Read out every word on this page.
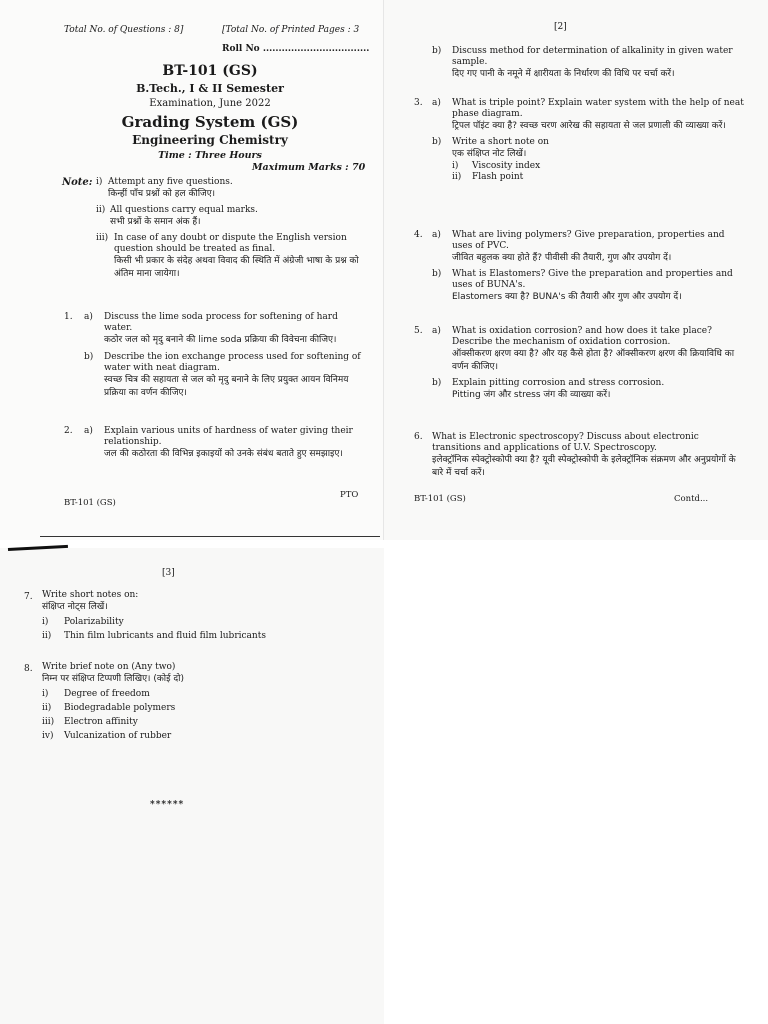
Total No. of Questions : 8]	[Total No. of Printed Pages : 3
Roll No ..................................
BT-101 (GS)
B.Tech., I & II Semester
Examination, June 2022
Grading System (GS)
Engineering Chemistry
Time : Three Hours
Maximum Marks : 70
Note: i) Attempt any five questions.
किन्हीं पाँच प्रश्नों को हल कीजिए।
ii) All questions carry equal marks.
सभी प्रश्नों के समान अंक हैं।
iii) In case of any doubt or dispute the English version question should be treated as final.
किसी भी प्रकार के संदेह अथवा विवाद की स्थिति में अंग्रेजी भाषा के प्रश्न को अंतिम माना जायेगा।
1. a) Discuss the lime soda process for softening of hard water.
कठोर जल को मृदु बनाने की lime soda प्रक्रिया की विवेचना कीजिए।
b) Describe the ion exchange process used for softening of water with neat diagram.
स्वच्छ चित्र की सहायता से जल को मृदु बनाने के लिए प्रयुक्त आयन विनिमय प्रक्रिया का वर्णन कीजिए।
2. a) Explain various units of hardness of water giving their relationship.
जल की कठोरता की विभिन्न इकाइयों को उनके संबंध बताते हुए समझाइए।
BT-101 (GS)
PTO
[2]
b) Discuss method for determination of alkalinity in given water sample.
दिए गए पानी के नमूने में क्षारीयता के निर्धारण की विधि पर चर्चा करें।
3. a) What is triple point? Explain water system with the help of neat phase diagram.
ट्रिपल पॉइंट क्या है? स्वच्छ चरण आरेख की सहायता से जल प्रणाली की व्याख्या करें।
b) Write a short note on
एक संक्षिप्त नोट लिखें।
i)	Viscosity index
ii)	Flash point
4. a) What are living polymers? Give preparation, properties and uses of PVC.
जीवित बहुलक क्या होते हैं? पीवीसी की तैयारी, गुण और उपयोग दें।
b) What is Elastomers? Give the preparation and properties and uses of BUNA's.
Elastomers क्या है? BUNA's की तैयारी और गुण और उपयोग दें।
5. a) What is oxidation corrosion? and how does it take place? Describe the mechanism of oxidation corrosion.
ऑक्सीकरण क्षरण क्या है? और यह कैसे होता है? ऑक्सीकरण क्षरण की क्रियाविधि का वर्णन कीजिए।
b) Explain pitting corrosion and stress corrosion.
Pitting जंग और stress जंग की व्याख्या करें।
6. What is Electronic spectroscopy? Discuss about electronic transitions and applications of U.V. Spectroscopy.
इलेक्ट्रॉनिक स्पेक्ट्रोस्कोपी क्या है? यूवी स्पेक्ट्रोस्कोपी के इलेक्ट्रॉनिक संक्रमण और अनुप्रयोगों के बारे में चर्चा करें।
BT-101 (GS)	Contd...
[3]
7. Write short notes on:
संक्षिप्त नोट्स लिखें।
i)	Polarizability
ii)	Thin film lubricants and fluid film lubricants
8. Write brief note on (Any two)
निम्न पर संक्षिप्त टिप्पणी लिखिए। (कोई दो)
i)	Degree of freedom
ii)	Biodegradable polymers
iii)	Electron affinity
iv)	Vulcanization of rubber
******
